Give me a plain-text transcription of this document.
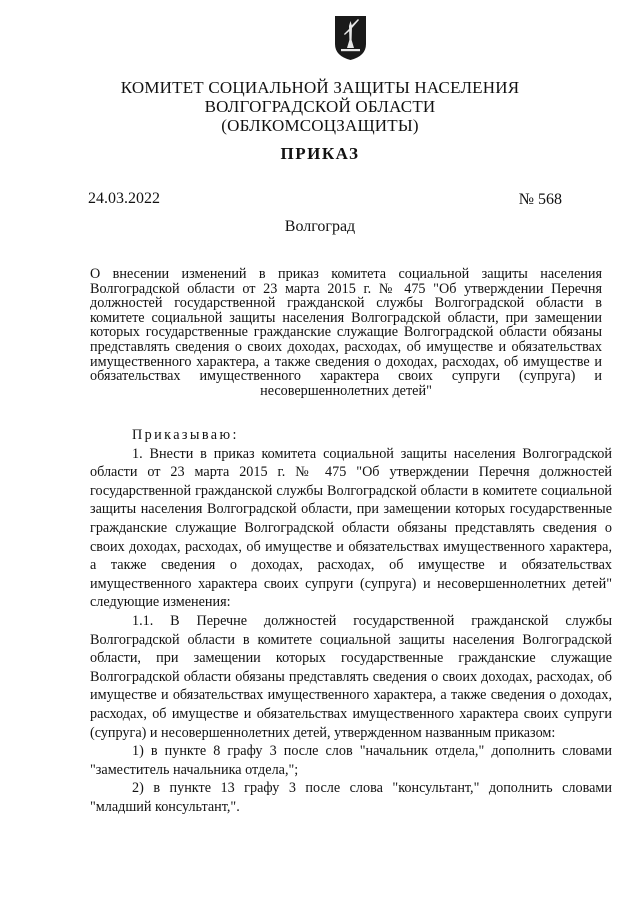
КОМИТЕТ СОЦИАЛЬНОЙ ЗАЩИТЫ НАСЕЛЕНИЯ
ВОЛГОГРАДСКОЙ ОБЛАСТИ
(ОБЛКОМСОЦЗАЩИТЫ)
ПРИКАЗ
24.03.2022	№ 568
Волгоград
О внесении изменений в приказ комитета социальной защиты населения Волгоградской области от 23 марта 2015 г. № 475 "Об утверждении Перечня должностей государственной гражданской службы Волгоградской области в комитете социальной защиты населения Волгоградской области, при замещении которых государственные гражданские служащие Волгоградской области обязаны представлять сведения о своих доходах, расходах, об имуществе и обязательствах имущественного характера, а также сведения о доходах, расходах, об имуществе и обязательствах имущественного характера своих супруги (супруга) и несовершеннолетних детей"

Приказываю:

1. Внести в приказ комитета социальной защиты населения Волгоградской области от 23 марта 2015 г. № 475 "Об утверждении Перечня должностей государственной гражданской службы Волгоградской области в комитете социальной защиты населения Волгоградской области, при замещении которых государственные гражданские служащие Волгоградской области обязаны представлять сведения о своих доходах, расходах, об имуществе и обязательствах имущественного характера, а также сведения о доходах, расходах, об имуществе и обязательствах имущественного характера своих супруги (супруга) и несовершеннолетних детей" следующие изменения:

1.1. В Перечне должностей государственной гражданской службы Волгоградской области в комитете социальной защиты населения Волгоградской области, при замещении которых государственные гражданские служащие Волгоградской области обязаны представлять сведения о своих доходах, расходах, об имуществе и обязательствах имущественного характера, а также сведения о доходах, расходах, об имуществе и обязательствах имущественного характера своих супруги (супруга) и несовершеннолетних детей, утвержденном названным приказом:

1) в пункте 8 графу 3 после слов "начальник отдела," дополнить словами "заместитель начальника отдела,";

2) в пункте 13 графу 3 после слова "консультант," дополнить словами "младший консультант,".
